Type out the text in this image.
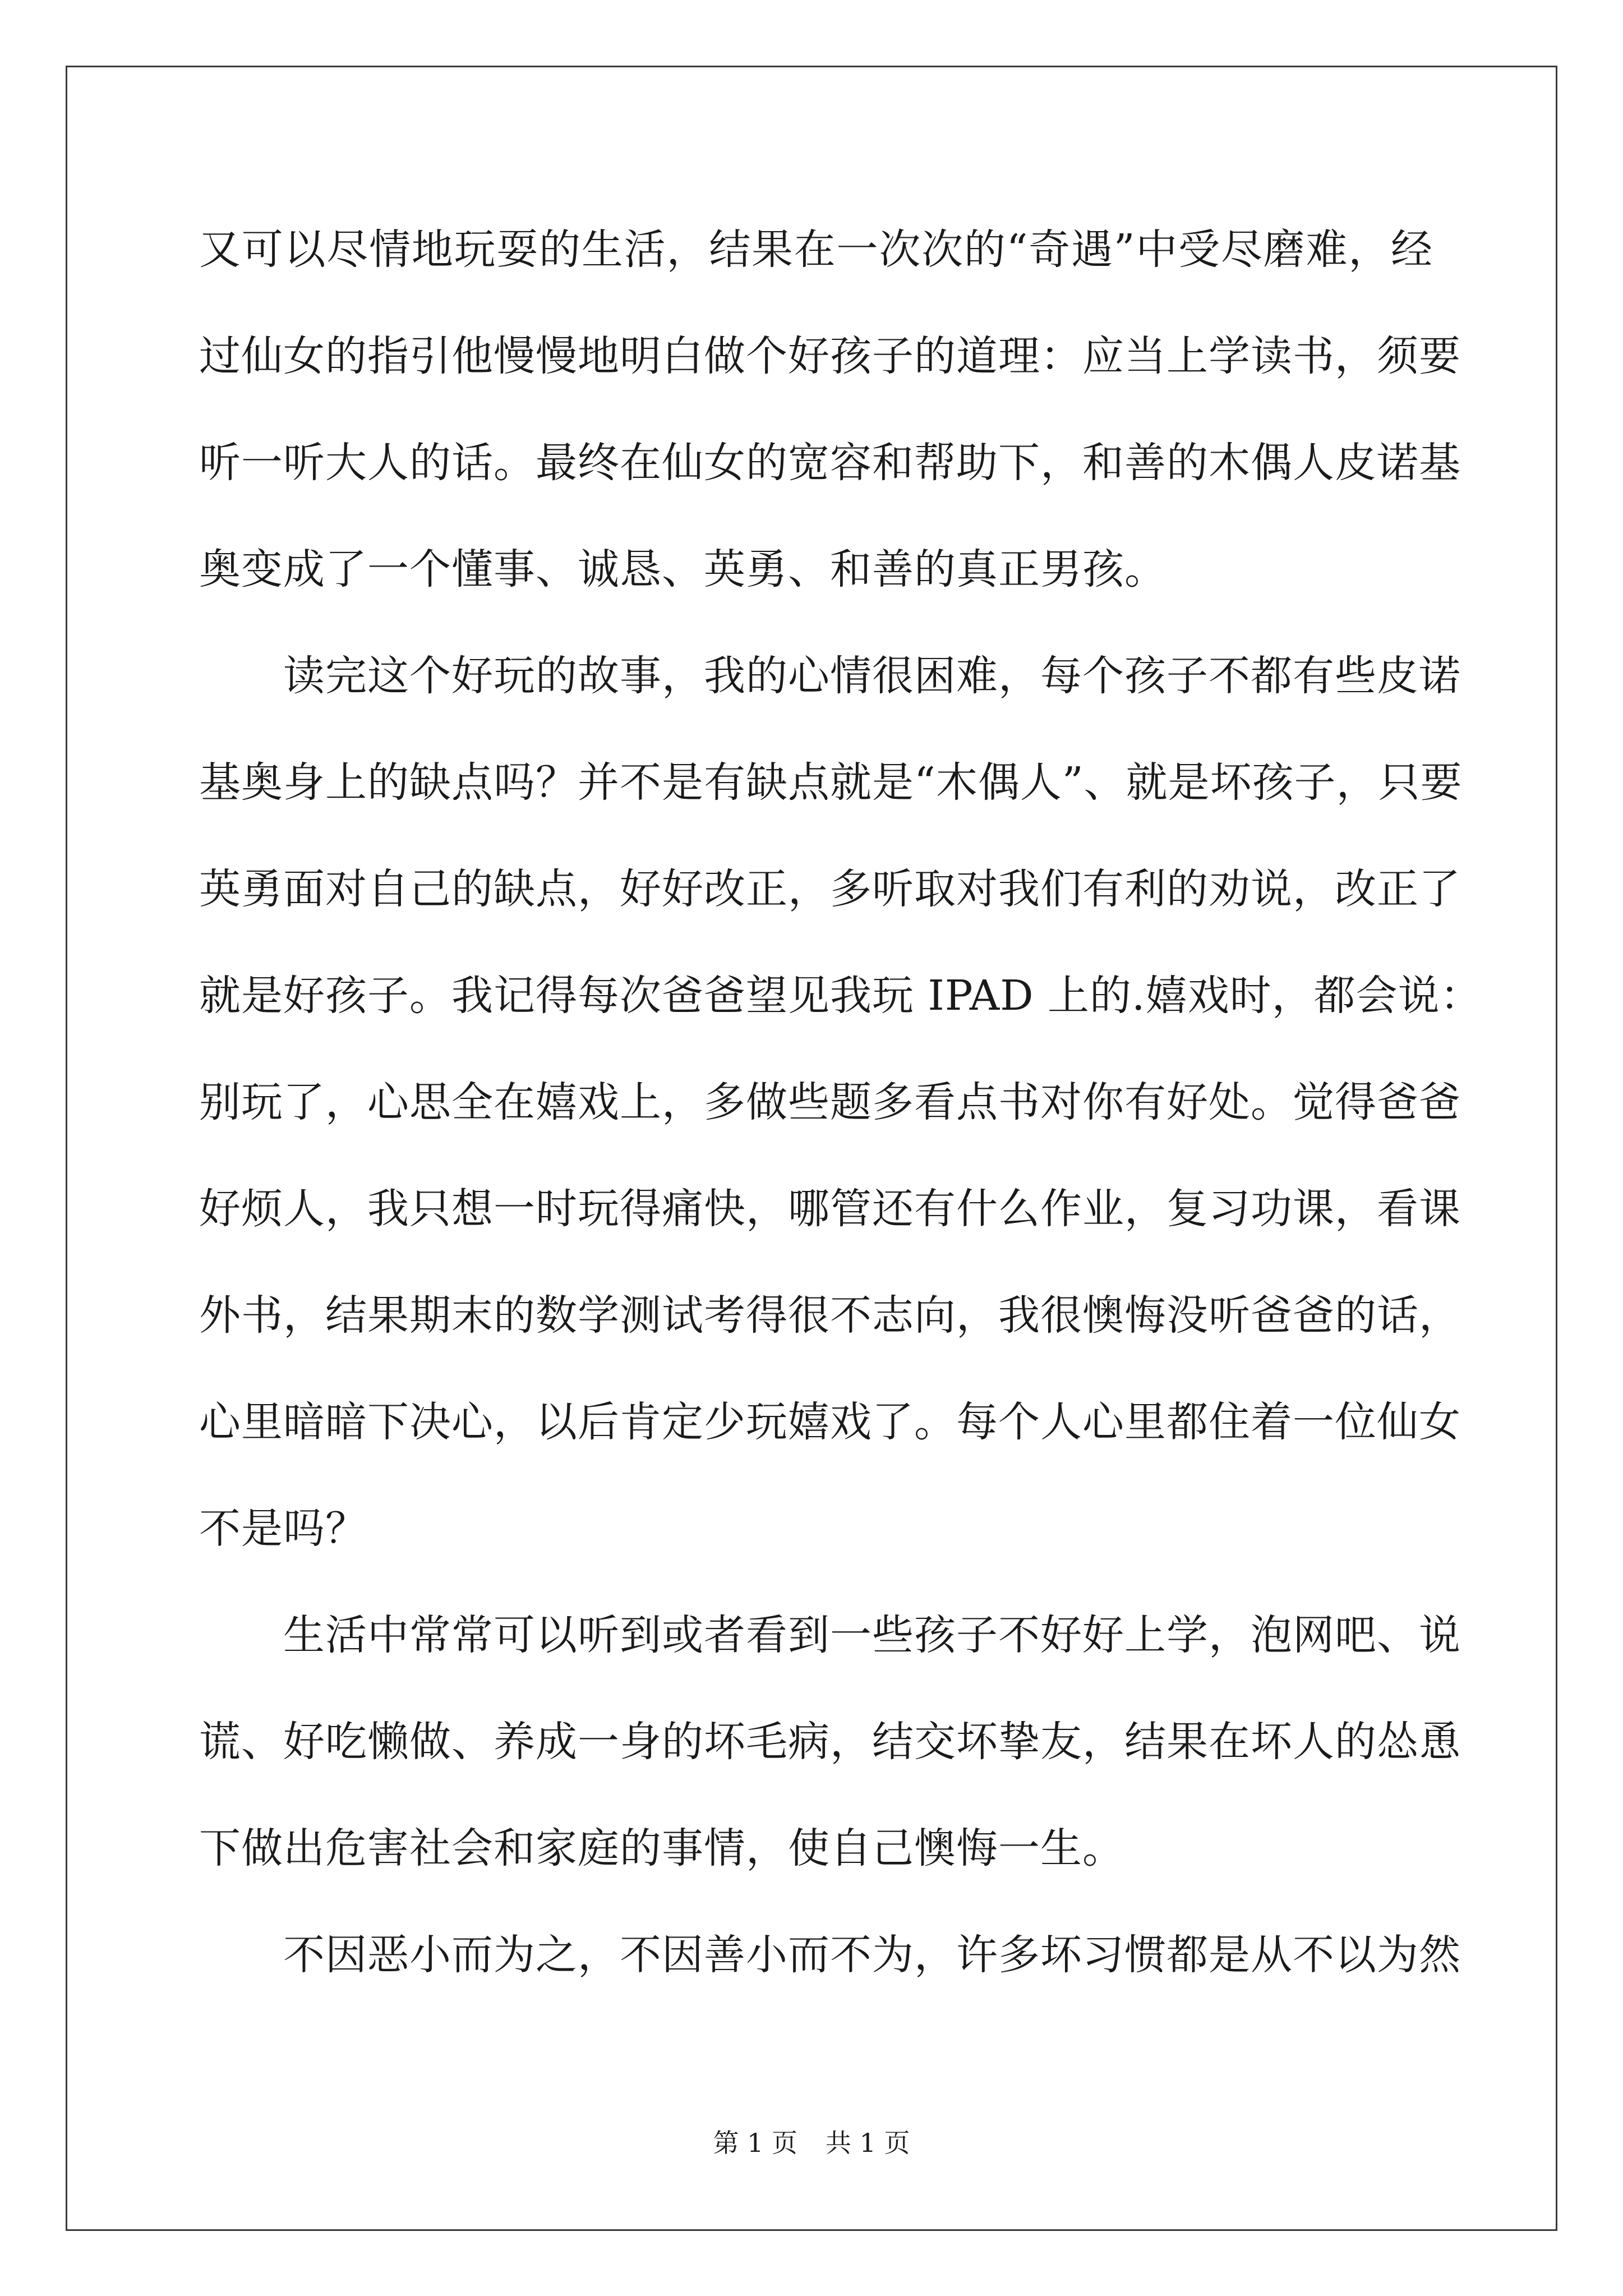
又可以尽情地玩耍的生活，结果在一次次的“奇遇”中受尽磨难，经
过仙女的指引他慢慢地明白做个好孩子的道理：应当上学读书，须要
听一听大人的话。最终在仙女的宽容和帮助下，和善的木偶人皮诺基
奥变成了一个懂事、诚恳、英勇、和善的真正男孩。
读完这个好玩的故事，我的心情很困难，每个孩子不都有些皮诺
基奥身上的缺点吗？并不是有缺点就是“木偶人”、就是坏孩子，只要
英勇面对自己的缺点，好好改正，多听取对我们有利的劝说，改正了
就是好孩子。我记得每次爸爸望见我玩 IPAD 上的.嬉戏时，都会说：
别玩了，心思全在嬉戏上，多做些题多看点书对你有好处。觉得爸爸
好烦人，我只想一时玩得痛快，哪管还有什么作业，复习功课，看课
外书，结果期末的数学测试考得很不志向，我很懊悔没听爸爸的话，
心里暗暗下决心，以后肯定少玩嬉戏了。每个人心里都住着一位仙女
不是吗？
生活中常常可以听到或者看到一些孩子不好好上学，泡网吧、说
谎、好吃懒做、养成一身的坏毛病，结交坏挚友，结果在坏人的怂恿
下做出危害社会和家庭的事情，使自己懊悔一生。
不因恶小而为之，不因善小而不为，许多坏习惯都是从不以为然
第 1 页 共 1 页
